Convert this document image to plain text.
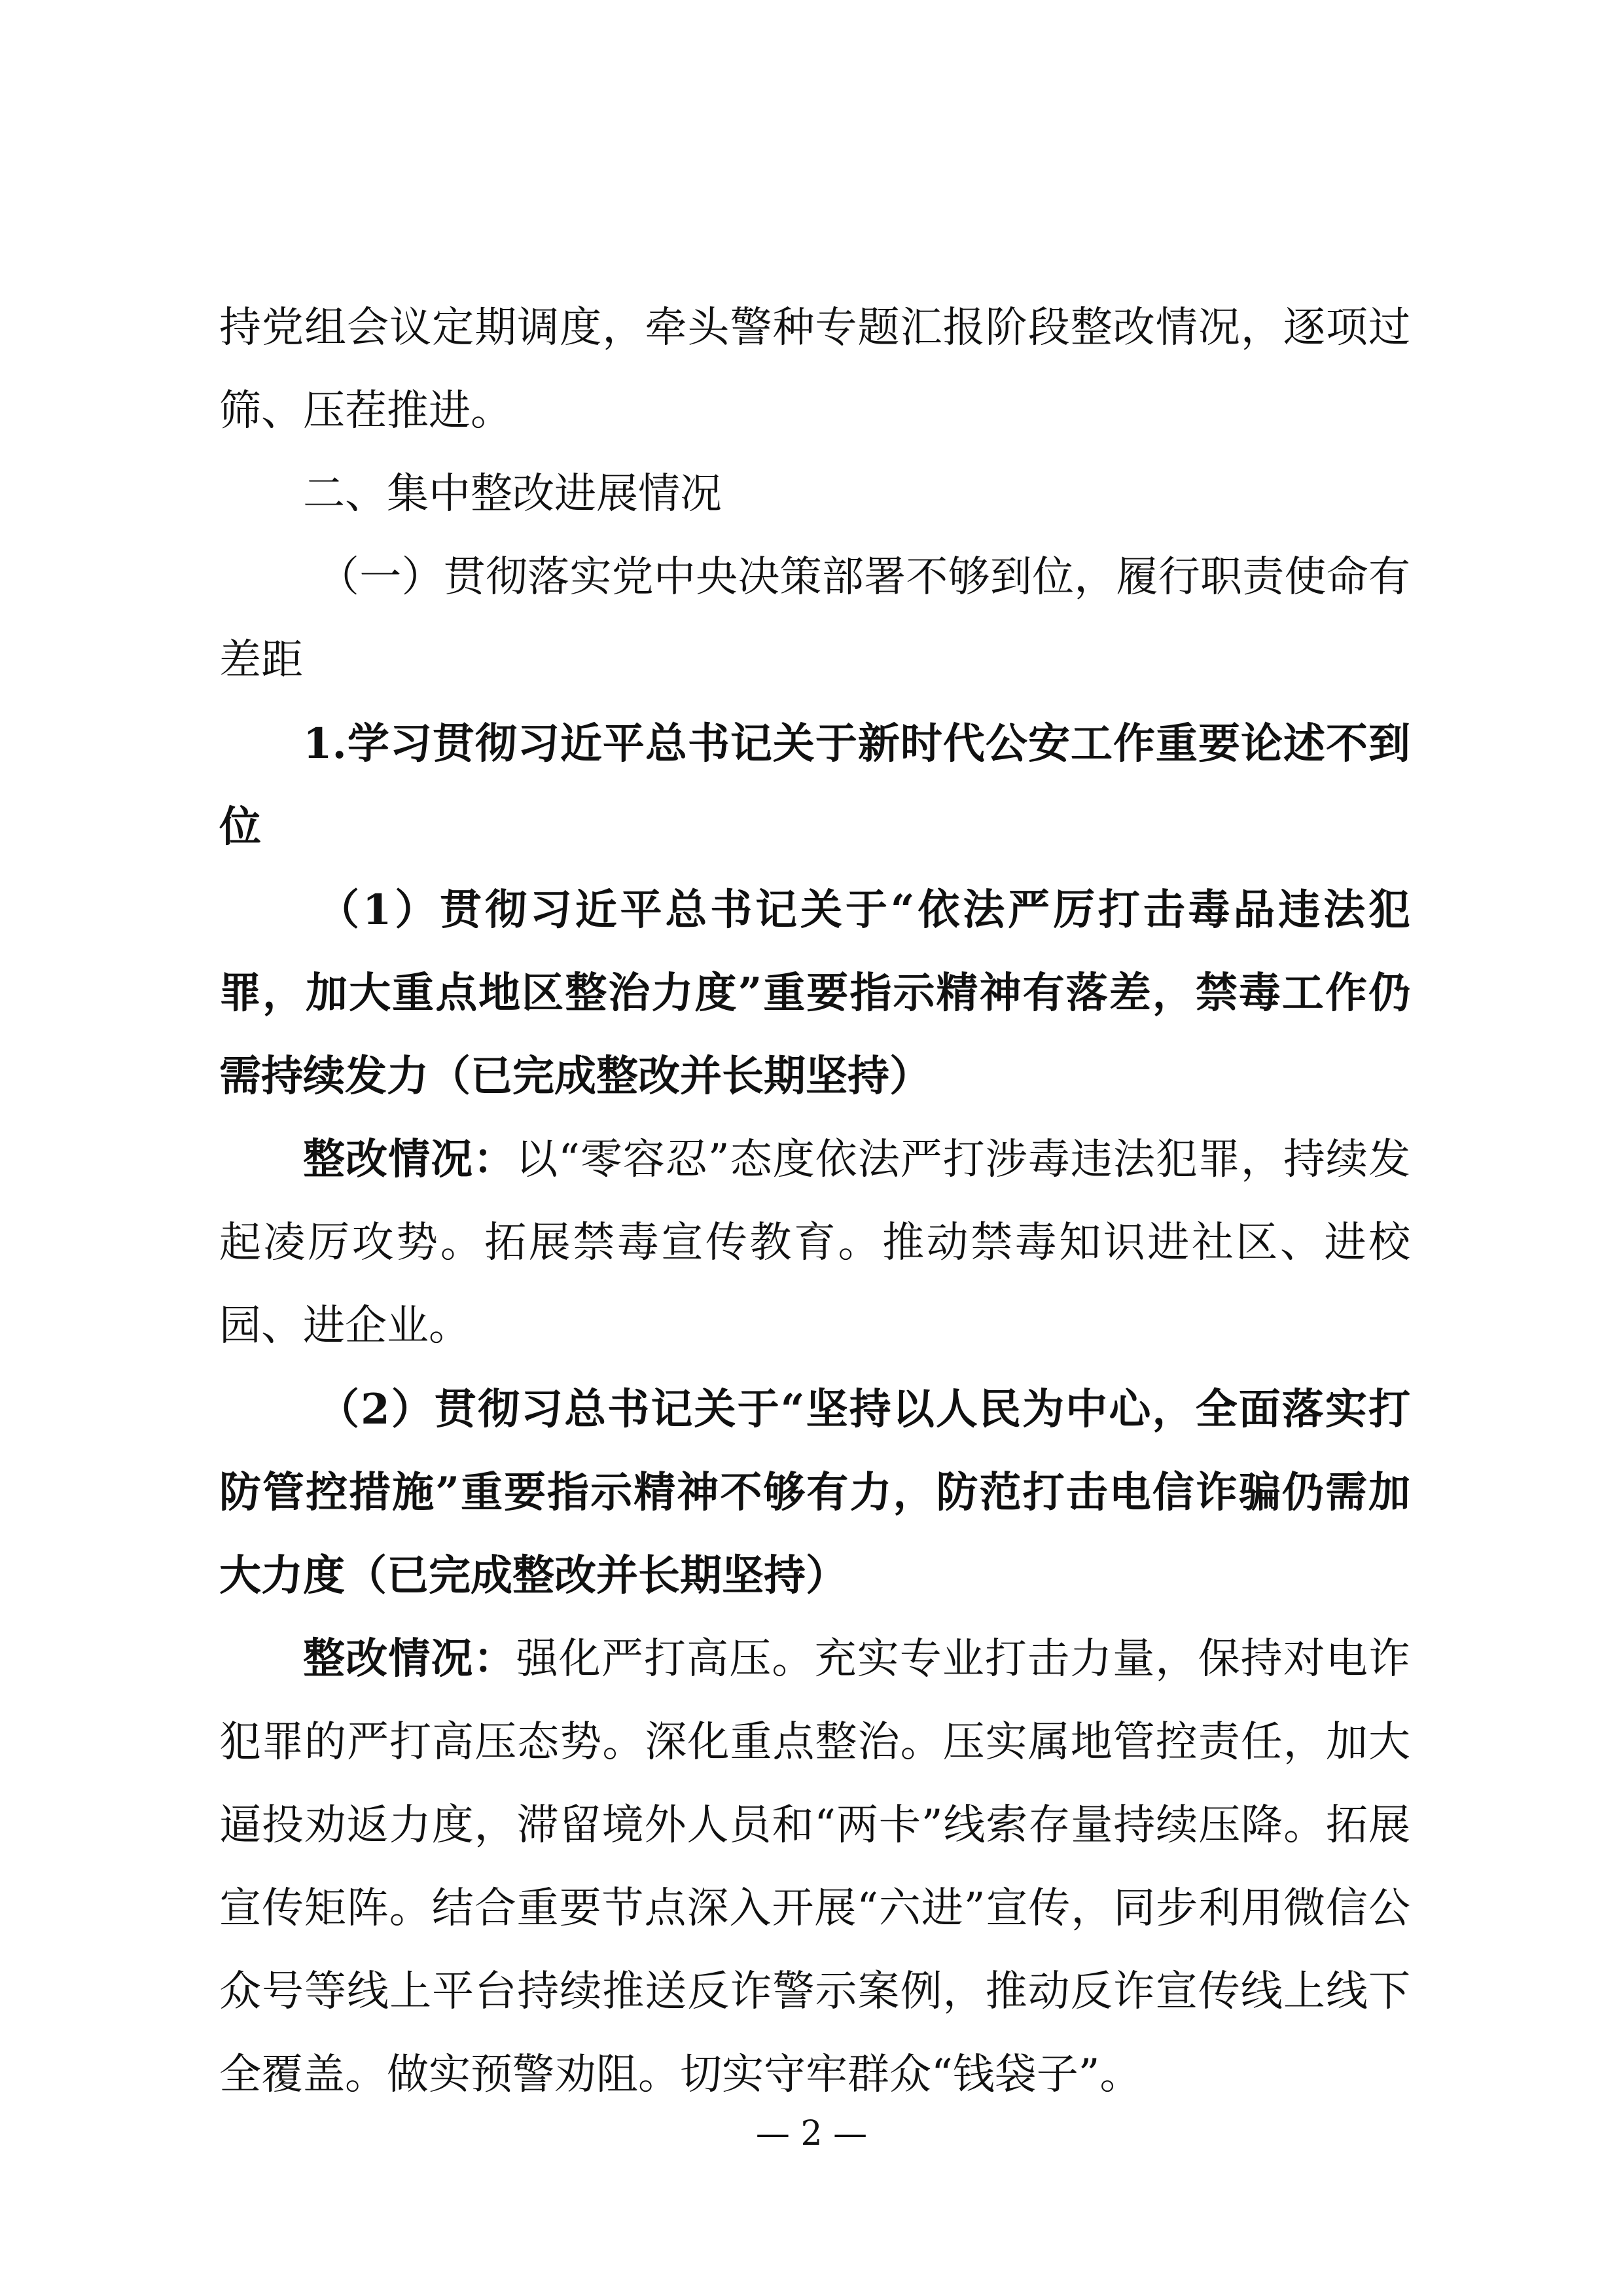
持党组会议定期调度，牵头警种专题汇报阶段整改情况，逐项过筛、压茬推进。

二、集中整改进展情况

（一）贯彻落实党中央决策部署不够到位，履行职责使命有差距

1.学习贯彻习近平总书记关于新时代公安工作重要论述不到位

（1）贯彻习近平总书记关于“依法严厉打击毒品违法犯罪，加大重点地区整治力度”重要指示精神有落差，禁毒工作仍需持续发力（已完成整改并长期坚持）

整改情况：以“零容忍”态度依法严打涉毒违法犯罪，持续发起凌厉攻势。拓展禁毒宣传教育。推动禁毒知识进社区、进校园、进企业。

（2）贯彻习总书记关于“坚持以人民为中心，全面落实打防管控措施”重要指示精神不够有力，防范打击电信诈骗仍需加大力度（已完成整改并长期坚持）

整改情况：强化严打高压。充实专业打击力量，保持对电诈犯罪的严打高压态势。深化重点整治。压实属地管控责任，加大逼投劝返力度，滞留境外人员和“两卡”线索存量持续压降。拓展宣传矩阵。结合重要节点深入开展“六进”宣传，同步利用微信公众号等线上平台持续推送反诈警示案例，推动反诈宣传线上线下全覆盖。做实预警劝阻。切实守牢群众“钱袋子”。

— 2 —
